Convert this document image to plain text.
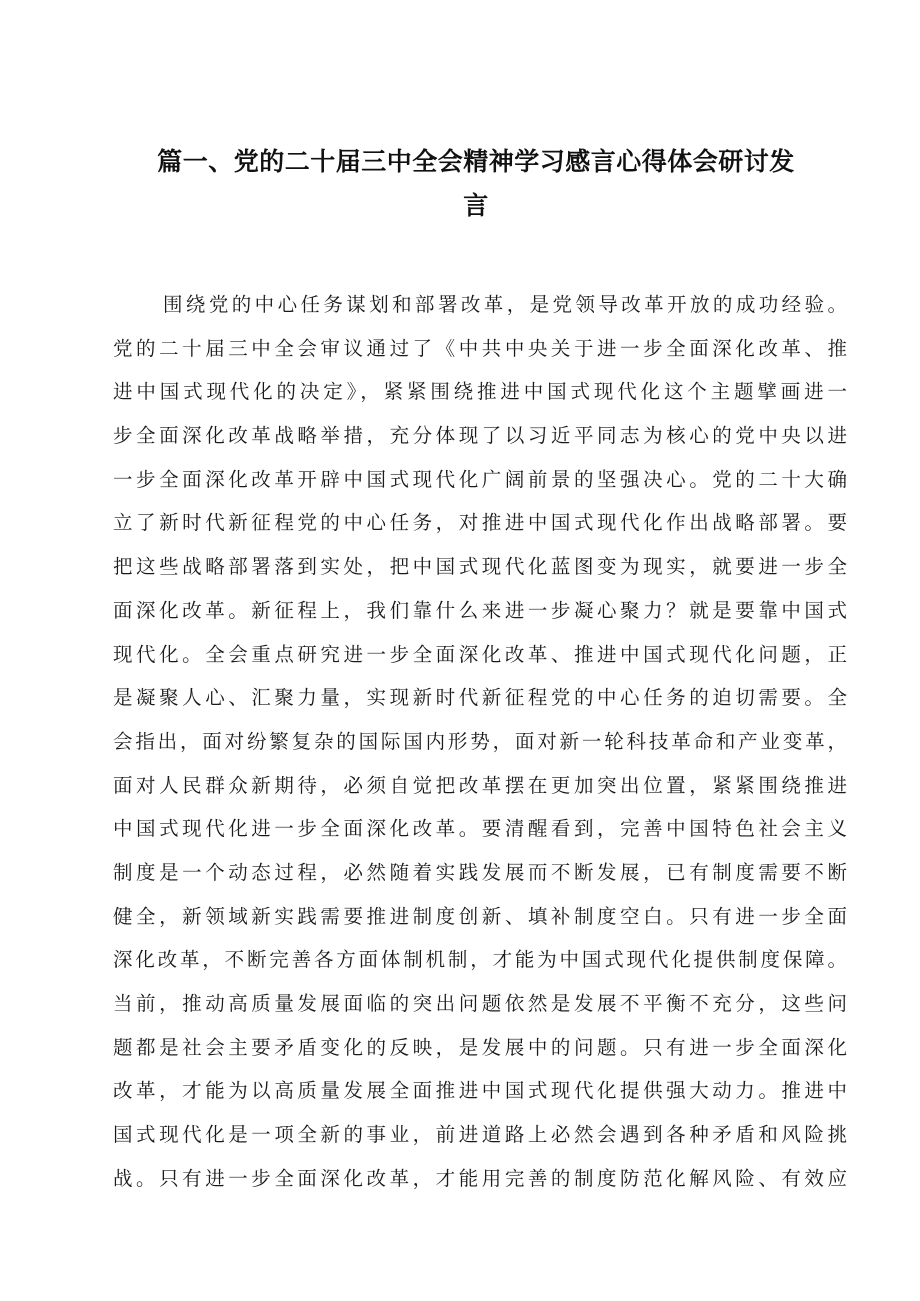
篇一、党的二十届三中全会精神学习感言心得体会研讨发
言
围绕党的中心任务谋划和部署改革，是党领导改革开放的成功经验。
党的二十届三中全会审议通过了《中共中央关于进一步全面深化改革、推
进中国式现代化的决定》，紧紧围绕推进中国式现代化这个主题擘画进一
步全面深化改革战略举措，充分体现了以习近平同志为核心的党中央以进
一步全面深化改革开辟中国式现代化广阔前景的坚强决心。党的二十大确
立了新时代新征程党的中心任务，对推进中国式现代化作出战略部署。要
把这些战略部署落到实处，把中国式现代化蓝图变为现实，就要进一步全
面深化改革。新征程上，我们靠什么来进一步凝心聚力？就是要靠中国式
现代化。全会重点研究进一步全面深化改革、推进中国式现代化问题，正
是凝聚人心、汇聚力量，实现新时代新征程党的中心任务的迫切需要。全
会指出，面对纷繁复杂的国际国内形势，面对新一轮科技革命和产业变革，
面对人民群众新期待，必须自觉把改革摆在更加突出位置，紧紧围绕推进
中国式现代化进一步全面深化改革。要清醒看到，完善中国特色社会主义
制度是一个动态过程，必然随着实践发展而不断发展，已有制度需要不断
健全，新领域新实践需要推进制度创新、填补制度空白。只有进一步全面
深化改革，不断完善各方面体制机制，才能为中国式现代化提供制度保障。
当前，推动高质量发展面临的突出问题依然是发展不平衡不充分，这些问
题都是社会主要矛盾变化的反映，是发展中的问题。只有进一步全面深化
改革，才能为以高质量发展全面推进中国式现代化提供强大动力。推进中
国式现代化是一项全新的事业，前进道路上必然会遇到各种矛盾和风险挑
战。只有进一步全面深化改革，才能用完善的制度防范化解风险、有效应
